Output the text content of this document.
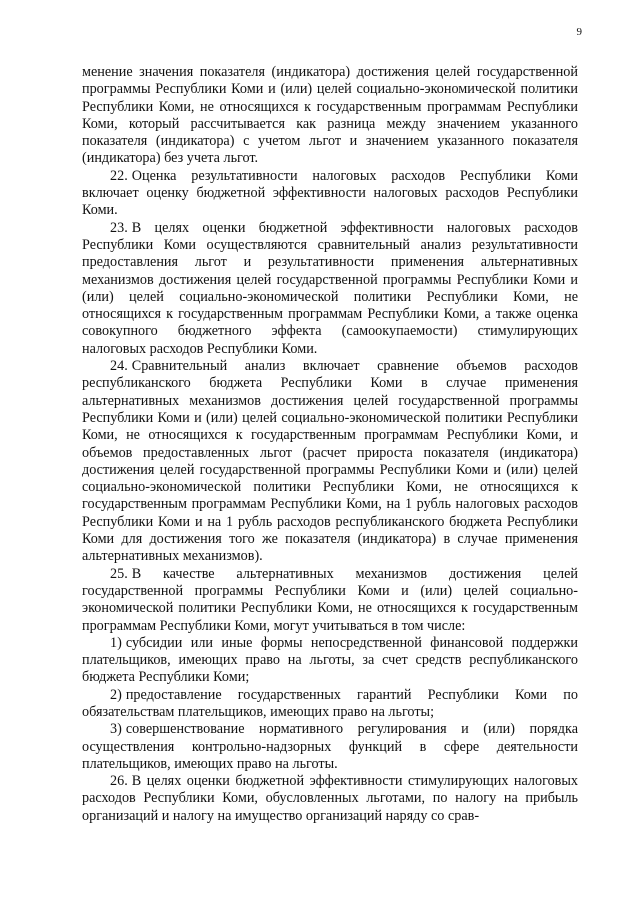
9

менение значения показателя (индикатора) достижения целей государственной программы Республики Коми и (или) целей социально-экономической политики Республики Коми, не относящихся к государственным программам Республики Коми, который рассчитывается как разница между значением указанного показателя (индикатора) с учетом льгот и значением указанного показателя (индикатора) без учета льгот.

22. Оценка результативности налоговых расходов Республики Коми включает оценку бюджетной эффективности налоговых расходов Республики Коми.

23. В целях оценки бюджетной эффективности налоговых расходов Республики Коми осуществляются сравнительный анализ результативности предоставления льгот и результативности применения альтернативных механизмов достижения целей государственной программы Республики Коми и (или) целей социально-экономической политики Республики Коми, не относящихся к государственным программам Республики Коми, а также оценка совокупного бюджетного эффекта (самоокупаемости) стимулирующих налоговых расходов Республики Коми.

24. Сравнительный анализ включает сравнение объемов расходов республиканского бюджета Республики Коми в случае применения альтернативных механизмов достижения целей государственной программы Республики Коми и (или) целей социально-экономической политики Республики Коми, не относящихся к государственным программам Республики Коми, и объемов предоставленных льгот (расчет прироста показателя (индикатора) достижения целей государственной программы Республики Коми и (или) целей социально-экономической политики Республики Коми, не относящихся к государственным программам Республики Коми, на 1 рубль налоговых расходов Республики Коми и на 1 рубль расходов республиканского бюджета Республики Коми для достижения того же показателя (индикатора) в случае применения альтернативных механизмов).

25. В качестве альтернативных механизмов достижения целей государственной программы Республики Коми и (или) целей социально-экономической политики Республики Коми, не относящихся к государственным программам Республики Коми, могут учитываться в том числе:

1) субсидии или иные формы непосредственной финансовой поддержки плательщиков, имеющих право на льготы, за счет средств республиканского бюджета Республики Коми;

2) предоставление государственных гарантий Республики Коми по обязательствам плательщиков, имеющих право на льготы;

3) совершенствование нормативного регулирования и (или) порядка осуществления контрольно-надзорных функций в сфере деятельности плательщиков, имеющих право на льготы.

26. В целях оценки бюджетной эффективности стимулирующих налоговых расходов Республики Коми, обусловленных льготами, по налогу на прибыль организаций и налогу на имущество организаций наряду со срав-
